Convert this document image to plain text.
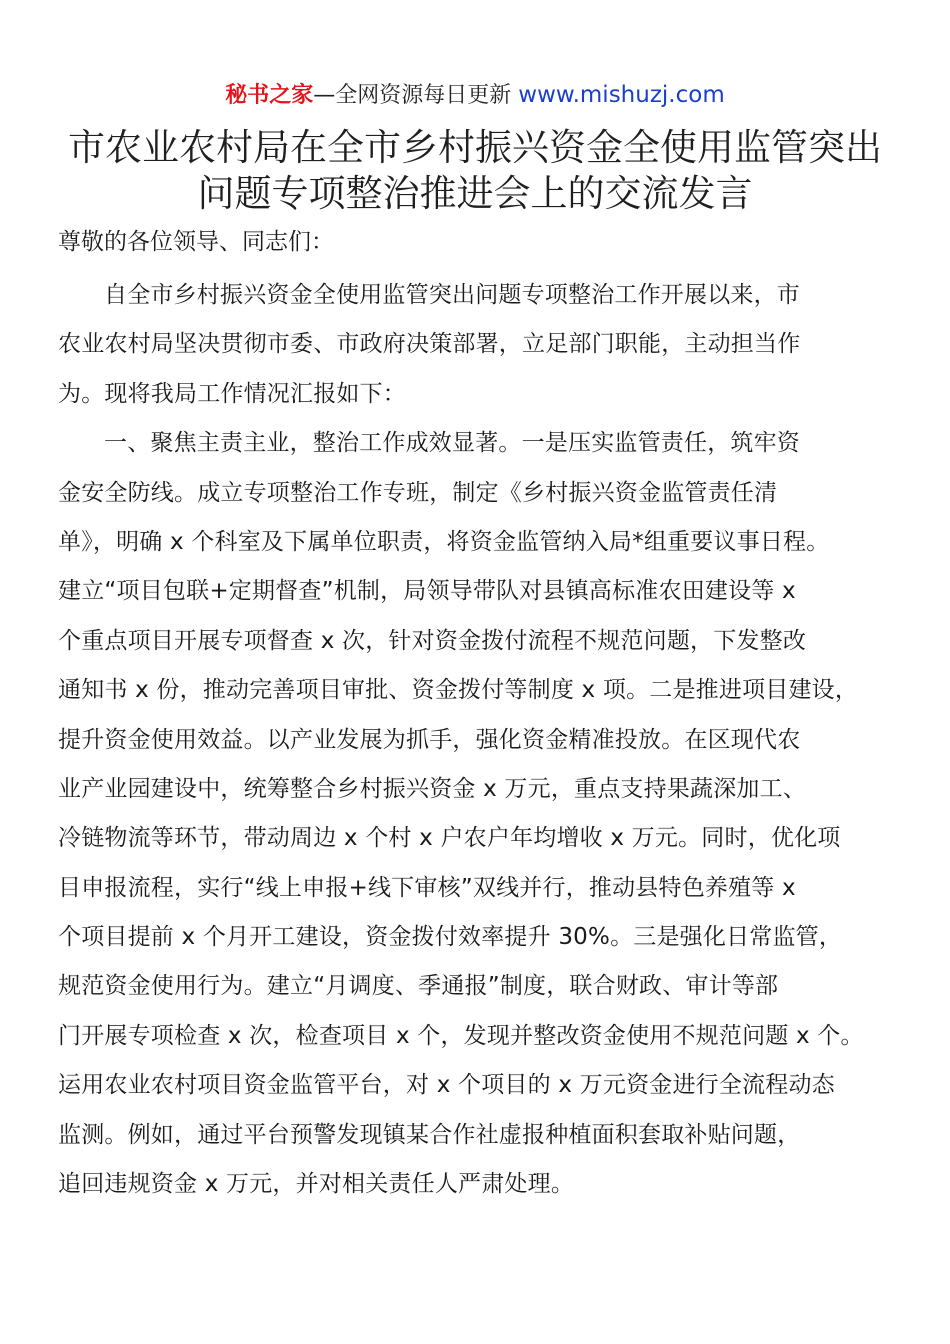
秘书之家—全网资源每日更新 www.mishuzj.com
市农业农村局在全市乡村振兴资金全使用监管突出
问题专项整治推进会上的交流发言
尊敬的各位领导、同志们：
自全市乡村振兴资金全使用监管突出问题专项整治工作开展以来，市
农业农村局坚决贯彻市委、市政府决策部署，立足部门职能，主动担当作
为。现将我局工作情况汇报如下：
一、聚焦主责主业，整治工作成效显著。一是压实监管责任，筑牢资
金安全防线。成立专项整治工作专班，制定《乡村振兴资金监管责任清
单》，明确 x 个科室及下属单位职责，将资金监管纳入局*组重要议事日程。
建立“项目包联+定期督查”机制，局领导带队对县镇高标准农田建设等 x
个重点项目开展专项督查 x 次，针对资金拨付流程不规范问题，下发整改
通知书 x 份，推动完善项目审批、资金拨付等制度 x 项。二是推进项目建设，
提升资金使用效益。以产业发展为抓手，强化资金精准投放。在区现代农
业产业园建设中，统筹整合乡村振兴资金 x 万元，重点支持果蔬深加工、
冷链物流等环节，带动周边 x 个村 x 户农户年均增收 x 万元。同时，优化项
目申报流程，实行“线上申报+线下审核”双线并行，推动县特色养殖等 x
个项目提前 x 个月开工建设，资金拨付效率提升 30%。三是强化日常监管，
规范资金使用行为。建立“月调度、季通报”制度，联合财政、审计等部
门开展专项检查 x 次，检查项目 x 个，发现并整改资金使用不规范问题 x 个。
运用农业农村项目资金监管平台，对 x 个项目的 x 万元资金进行全流程动态
监测。例如，通过平台预警发现镇某合作社虚报种植面积套取补贴问题，
追回违规资金 x 万元，并对相关责任人严肃处理。
